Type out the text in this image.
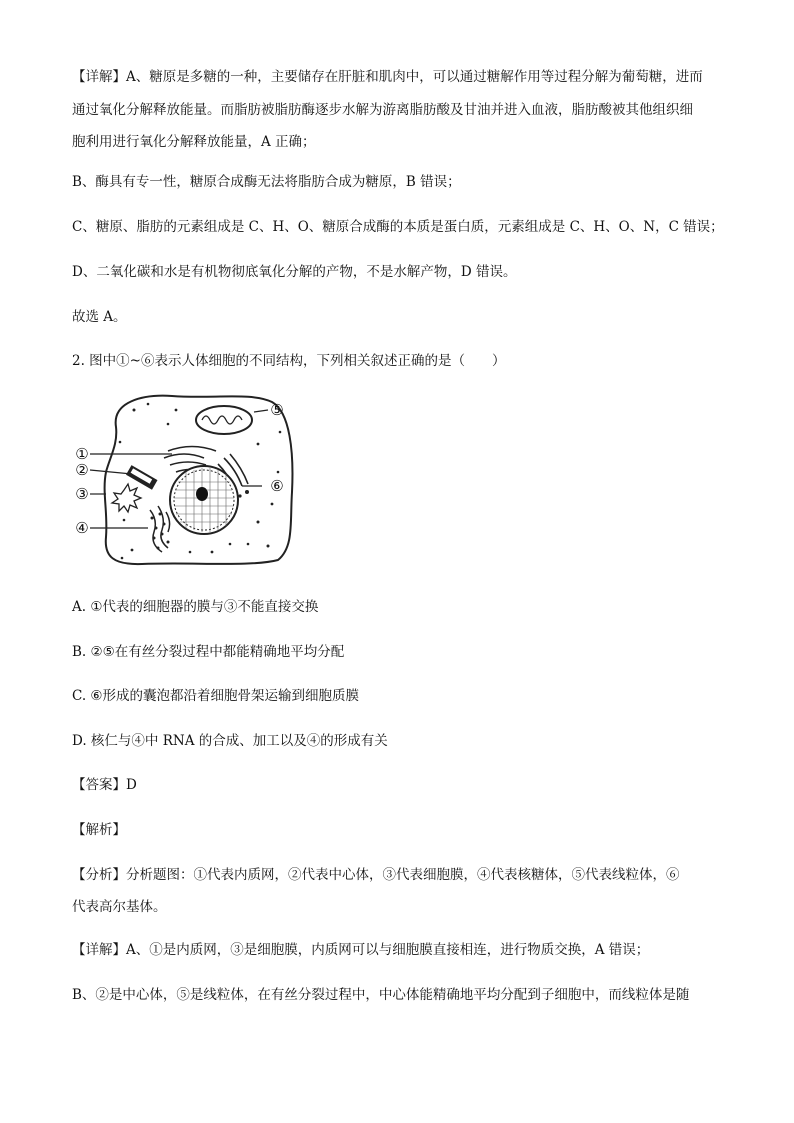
【详解】A、糖原是多糖的一种，主要储存在肝脏和肌肉中，可以通过糖解作用等过程分解为葡萄糖，进而

通过氧化分解释放能量。而脂肪被脂肪酶逐步水解为游离脂肪酸及甘油并进入血液，脂肪酸被其他组织细

胞利用进行氧化分解释放能量，A 正确；

B、酶具有专一性，糖原合成酶无法将脂肪合成为糖原，B 错误；

C、糖原、脂肪的元素组成是 C、H、O、糖原合成酶的本质是蛋白质，元素组成是 C、H、O、N，C 错误；

D、二氧化碳和水是有机物彻底氧化分解的产物，不是水解产物，D 错误。

故选 A。

2. 图中①~⑥表示人体细胞的不同结构，下列相关叙述正确的是（　　）

①
②
③
④
⑤
⑥

A. ①代表的细胞器的膜与③不能直接交换

B. ②⑤在有丝分裂过程中都能精确地平均分配

C. ⑥形成的囊泡都沿着细胞骨架运输到细胞质膜

D. 核仁与④中 RNA 的合成、加工以及④的形成有关

【答案】D

【解析】

【分析】分析题图：①代表内质网，②代表中心体，③代表细胞膜，④代表核糖体，⑤代表线粒体，⑥

代表高尔基体。

【详解】A、①是内质网，③是细胞膜，内质网可以与细胞膜直接相连，进行物质交换，A 错误；

B、②是中心体，⑤是线粒体，在有丝分裂过程中，中心体能精确地平均分配到子细胞中，而线粒体是随
